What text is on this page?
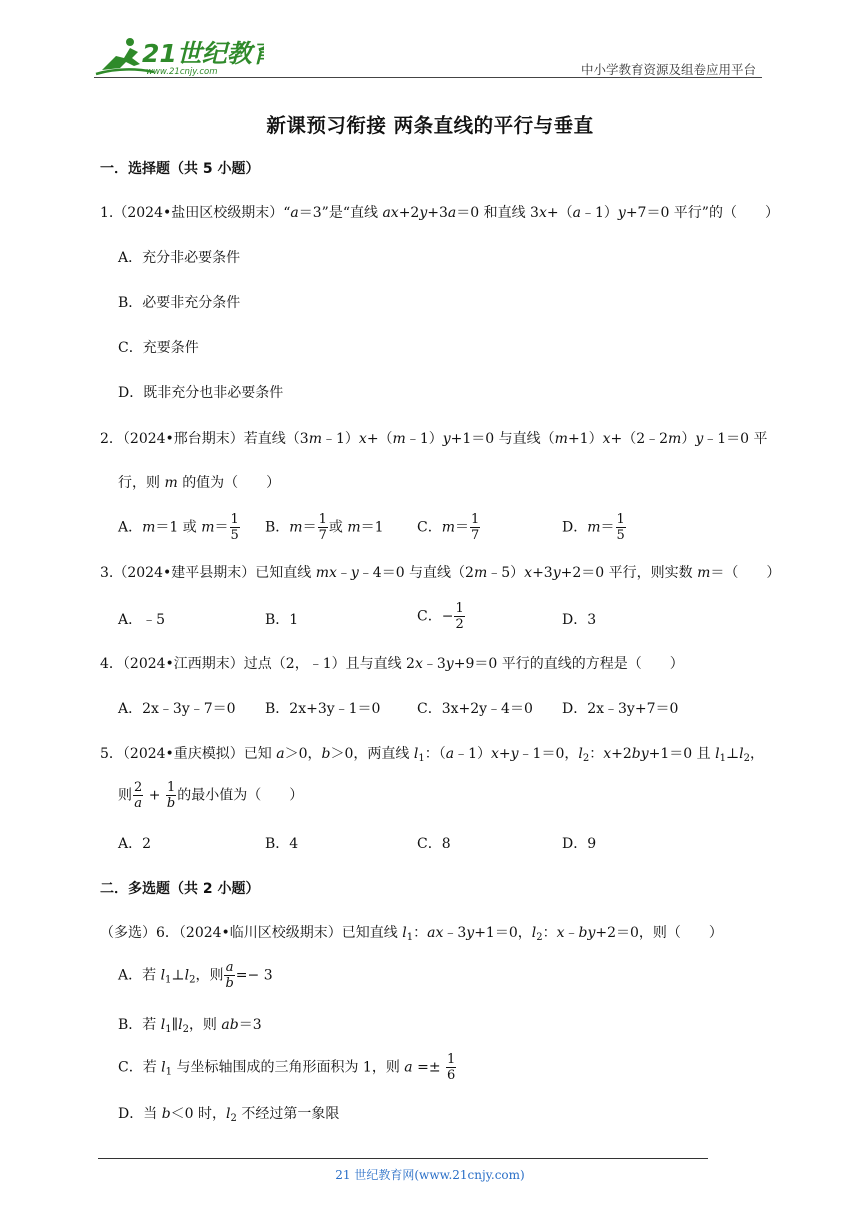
21世纪教育
www.21cnjy.com	中小学教育资源及组卷应用平台
新课预习衔接 两条直线的平行与垂直
一．选择题（共 5 小题）
1.（2024•盐田区校级期末）“a＝3”是“直线 ax+2y+3a＝0 和直线 3x+（a﹣1）y+7＝0 平行”的（　　）
A．充分非必要条件
B．必要非充分条件
C．充要条件
D．既非充分也非必要条件
2．（2024•邢台期末）若直线（3m﹣1）x+（m﹣1）y+1＝0 与直线（m+1）x+（2﹣2m）y﹣1＝0 平
行，则 m 的值为（　　）
A．m＝1 或 $m= \frac{1}{5}$ B．$m= \frac{1}{7}$ 或 m＝1 C．$m= \frac{1}{7}$	D．$m= \frac{1}{5}$
3.（2024•建平县期末）已知直线 mx﹣y﹣4＝0 与直线（2m﹣5）x+3y+2＝0 平行，则实数 m＝（　　）
A．﹣5	B．1	C．− $\frac{1}{2}$	D．3
4．（2024•江西期末）过点（2，﹣1）且与直线 2x﹣3y+9＝0 平行的直线的方程是（　　）
A．2x﹣3y﹣7＝0 B．2x+3y﹣1＝0	C．3x+2y﹣4＝0 D．2x﹣3y+7＝0
5．（2024•重庆模拟）已知 a＞0，b＞0，两直线 $l_1$：（a﹣1）x+y﹣1＝0，$l_2$：x+2by+1＝0 且 $l_1\perp l_2$，
则 $\frac{2}{a} + \frac{1}{b}$ 的最小值为（　　）
A．2	B．4	C．8	D．9
二．多选题（共 2 小题）
（多选）6．（2024•临川区校级期末）已知直线 $l_1$：ax﹣3y+1＝0，$l_2$：x﹣by+2＝0，则（　　）
A．若 $l_1\perp l_2$，则 $\frac{a}{b} =- 3$
B．若 $l_1\parallel l_2$，则 ab＝3
C．若 $l_1$ 与坐标轴围成的三角形面积为 1，则 $a =\pm \frac{1}{6}$
D．当 b＜0 时，$l_2$ 不经过第一象限
21 世纪教育网(www.21cnjy.com)
